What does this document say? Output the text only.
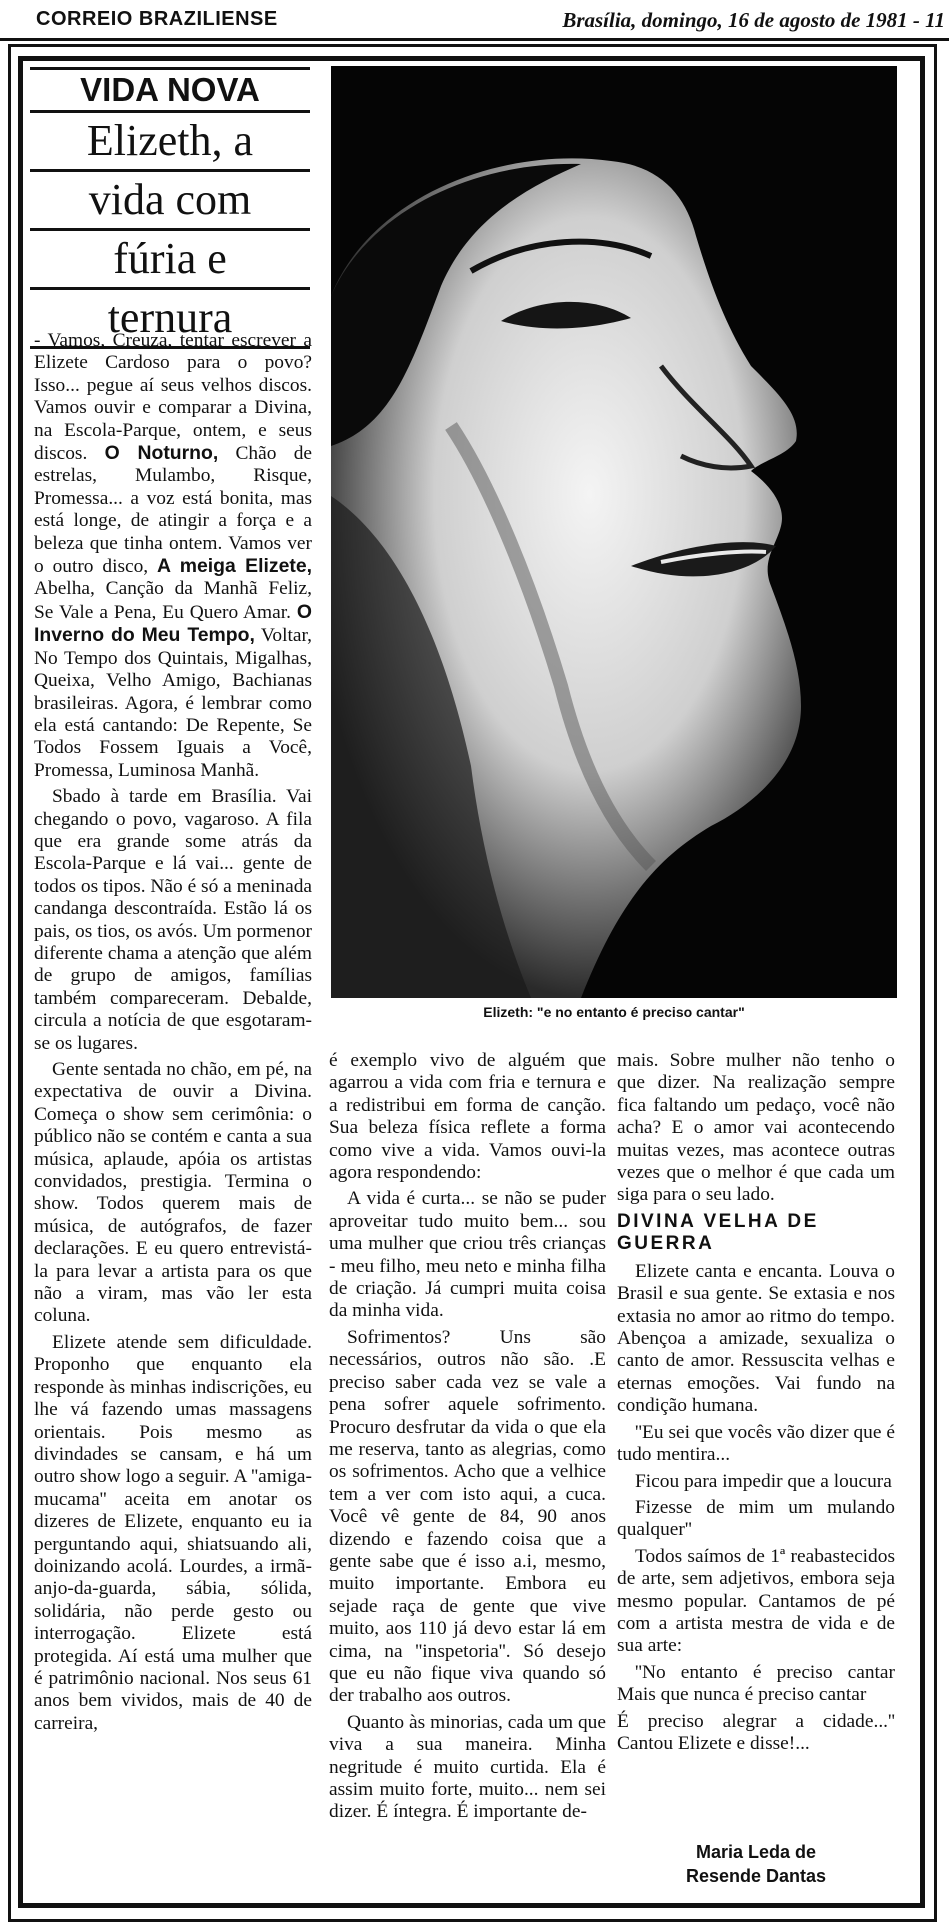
CORREIO BRAZILIENSE	Brasília, domingo, 16 de agosto de 1981 - 11
VIDA NOVA
Elizeth, a
vida com
fúria e
ternura
Elizeth: "e no entanto é preciso cantar"

- Vamos, Creuza, tentar escrever a Elizete Cardoso para o povo? Isso... pegue aí seus velhos discos. Vamos ouvir e comparar a Divina, na Escola-Parque, ontem, e seus discos. O Noturno, Chão de estrelas, Mulambo, Risque, Promessa... a voz está bonita, mas está longe, de atingir a força e a beleza que tinha ontem. Vamos ver o outro disco, A meiga Elizete, Abelha, Canção da Manhã Feliz, Se Vale a Pena, Eu Quero Amar. O Inverno do Meu Tempo, Voltar, No Tempo dos Quintais, Migalhas, Queixa, Velho Amigo, Bachianas brasileiras. Agora, é lembrar como ela está cantando: De Repente, Se Todos Fossem Iguais a Você, Promessa, Luminosa Manhã.

Sbado à tarde em Brasília. Vai chegando o povo, vagaroso. A fila que era grande some atrás da Escola-Parque e lá vai... gente de todos os tipos. Não é só a meninada candanga descontraída. Estão lá os pais, os tios, os avós. Um pormenor diferente chama a atenção que além de grupo de amigos, famílias também compareceram. Debalde, circula a notícia de que esgotaram-se os lugares.

Gente sentada no chão, em pé, na expectativa de ouvir a Divina. Começa o show sem cerimônia: o público não se contém e canta a sua música, aplaude, apóia os artistas convidados, prestigia. Termina o show. Todos querem mais de música, de autógrafos, de fazer declarações. E eu quero entrevistá-la para levar a artista para os que não a viram, mas vão ler esta coluna.

Elizete atende sem dificuldade. Proponho que enquanto ela responde às minhas indiscrições, eu lhe vá fazendo umas massagens orientais. Pois mesmo as divindades se cansam, e há um outro show logo a seguir. A ''amiga-mucama'' aceita em anotar os dizeres de Elizete, enquanto eu ia perguntando aqui, shiatsuando ali, doinizando acolá. Lourdes, a irmã-anjo-da-guarda, sábia, sólida, solidária, não perde gesto ou interrogação. Elizete está protegida. Aí está uma mulher que é patrimônio nacional. Nos seus 61 anos bem vividos, mais de 40 de carreira,

é exemplo vivo de alguém que agarrou a vida com fria e ternura e a redistribui em forma de canção. Sua beleza física reflete a forma como vive a vida. Vamos ouvi-la agora respondendo:

A vida é curta... se não se puder aproveitar tudo muito bem... sou uma mulher que criou três crianças - meu filho, meu neto e minha filha de criação. Já cumpri muita coisa da minha vida.

Sofrimentos? Uns são necessários, outros não são. .E preciso saber cada vez se vale a pena sofrer aquele sofrimento. Procuro desfrutar da vida o que ela me reserva, tanto as alegrias, como os sofrimentos. Acho que a velhice tem a ver com isto aqui, a cuca. Você vê gente de 84, 90 anos dizendo e fazendo coisa que a gente sabe que é isso a.i, mesmo, muito importante. Embora eu sejade raça de gente que vive muito, aos 110 já devo estar lá em cima, na ''inspetoria''. Só desejo que eu não fique viva quando só der trabalho aos outros.

Quanto às minorias, cada um que viva a sua maneira. Minha negritude é muito curtida. Ela é assim muito forte, muito... nem sei dizer. É íntegra. É importante de-

mais. Sobre mulher não tenho o que dizer. Na realização sempre fica faltando um pedaço, você não acha? E o amor vai acontecendo muitas vezes, mas acontece outras vezes que o melhor é que cada um siga para o seu lado.

DIVINA VELHA DE GUERRA

Elizete canta e encanta. Louva o Brasil e sua gente. Se extasia e nos extasia no amor ao ritmo do tempo. Abençoa a amizade, sexualiza o canto de amor. Ressuscita velhas e eternas emoções. Vai fundo na condição humana.

''Eu sei que vocês vão dizer que é tudo mentira...

Ficou para impedir que a loucura

Fizesse de mim um mulando qualquer''

Todos saímos de 1ª reabastecidos de arte, sem adjetivos, embora seja mesmo popular. Cantamos de pé com a artista mestra de vida e de sua arte:

''No entanto é preciso cantar Mais que nunca é preciso cantar

É preciso alegrar a cidade...'' Cantou Elizete e disse!...

Maria Leda de
Resende Dantas
